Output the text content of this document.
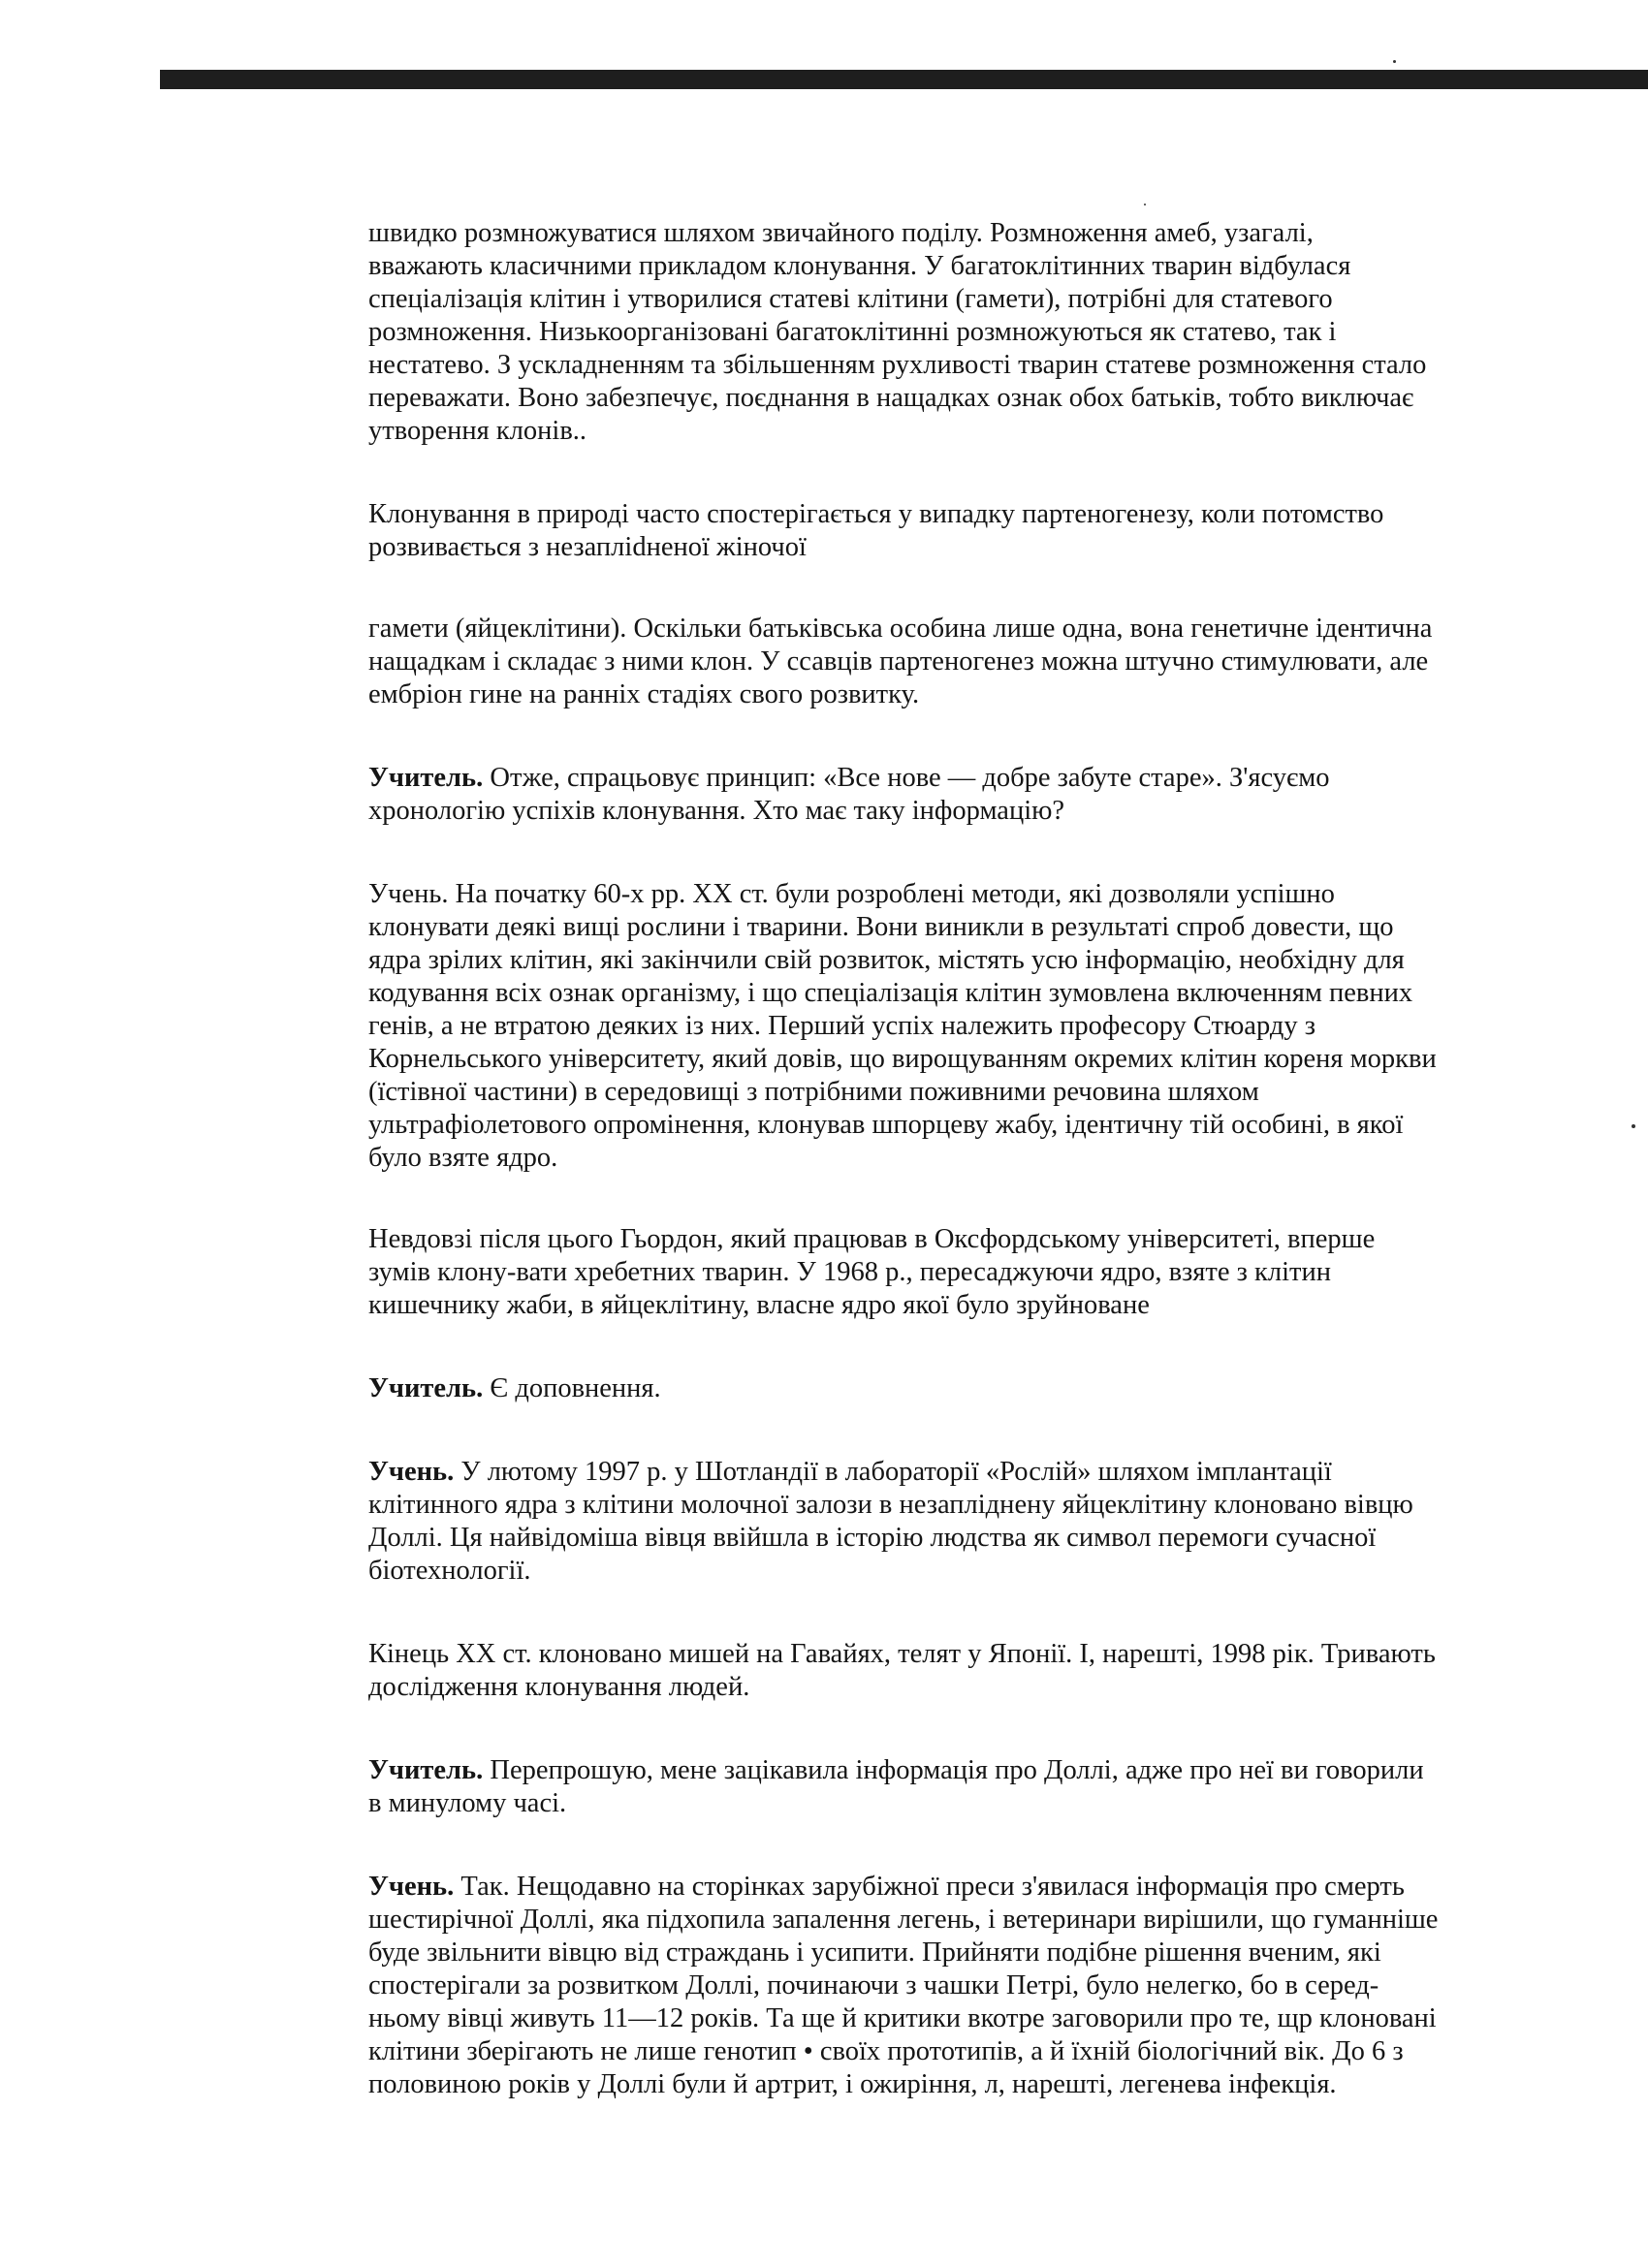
швидко розмножуватися шляхом звичайного поділу. Розмноження амеб, узагалі,
вважають класичними прикладом клонування. У багатоклітинних тварин відбулася
спеціалізація клітин і утворилися статеві клітини (гамети), потрібні для статевого
розмноження. Низькоорганізовані багатоклітинні розмножуються як статево, так і
нестатево. З ускладненням та збільшенням рухливості тварин статеве розмноження стало
переважати. Воно забезпечує, поєднання в нащадках ознак обох батьків, тобто виключає
утворення клонів..

Клонування в природі часто спостерігається у випадку партеногенезу, коли потомство
розвивається з незапліdненої жіночої

гамети (яйцеклітини). Оскільки батьківська особина лише одна, вона генетичне ідентична
нащадкам і складає з ними клон. У ссавців партеногенез можна штучно стимулювати, але
ембріон гине на ранніх стадіях свого розвитку.

Учитель. Отже, спрацьовує принцип: «Все нове — добре забуте старе». З'ясуємо
хронологію успіхів клонування. Хто має таку інформацію?

Учень. На початку 60-х рр. XX ст. були розроблені методи, які дозволяли успішно
клонувати деякі вищі рослини і тварини. Вони виникли в результаті спроб довести, що
ядра зрілих клітин, які закінчили свій розвиток, містять усю інформацію, необхідну для
кодування всіх ознак організму, і що спеціалізація клітин зумовлена включенням певних
генів, а не втратою деяких із них. Перший успіх належить професору Стюарду з
Корнельського університету, який довів, що вирощуванням окремих клітин кореня моркви
(їстівної частини) в середовищі з потрібними поживними речовина шляхом
ультрафіолетового опромінення, клонував шпорцеву жабу, ідентичну тій особині, в якої
було взяте ядро.

Невдовзі після цього Гьордон, який працював в Оксфордському університеті, вперше
зумів клону-вати хребетних тварин. У 1968 р., пересаджуючи ядро, взяте з клітин
кишечнику жаби, в яйцеклітину, власне ядро якої було зруйноване

Учитель. Є доповнення.

Учень. У лютому 1997 р. у Шотландії в лабораторії «Рослій» шляхом імплантації
клітинного ядра з клітини молочної залози в незапліднену яйцеклітину клоновано вівцю
Доллі. Ця найвідоміша вівця ввійшла в історію людства як символ перемоги сучасної
біотехнології.

Кінець XX ст. клоновано мишей на Гавайях, телят у Японії. І, нарешті, 1998 рік. Тривають
дослідження клонування людей.

Учитель. Перепрошую, мене зацікавила інформація про Доллі, адже про неї ви говорили
в минулому часі.

Учень. Так. Нещодавно на сторінках зарубіжної преси з'явилася інформація про смерть
шестирічної Доллі, яка підхопила запалення легень, і ветеринари вирішили, що гуманніше
буде звільнити вівцю від страждань і усипити. Прийняти подібне рішення вченим, які
спостерігали за розвитком Доллі, починаючи з чашки Петрі, було нелегко, бо в серед-
ньому вівці живуть 11—12 років. Та ще й критики вкотре заговорили про те, щр клоновані
клітини зберігають не лише генотип • своїх прототипів, а й їхній біологічний вік. До 6 з
половиною років у Доллі були й артрит, і ожиріння, л, нарешті, легенева інфекція.
